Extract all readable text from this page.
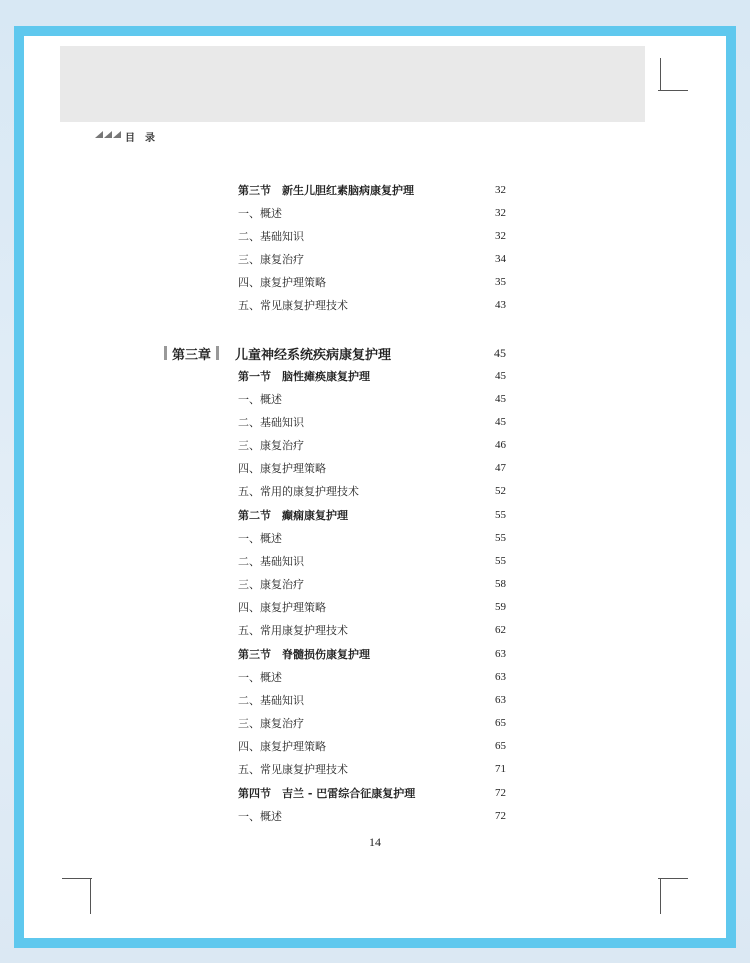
目　录
第三节　新生儿胆红素脑病康复护理	32
一、概述	32
二、基础知识	32
三、康复治疗	34
四、康复护理策略	35
五、常见康复护理技术	43
第三章 儿童神经系统疾病康复护理	45
第一节　脑性瘫痪康复护理	45
一、概述	45
二、基础知识	45
三、康复治疗	46
四、康复护理策略	47
五、常用的康复护理技术	52
第二节　癫痫康复护理	55
一、概述	55
二、基础知识	55
三、康复治疗	58
四、康复护理策略	59
五、常用康复护理技术	62
第三节　脊髓损伤康复护理	63
一、概述	63
二、基础知识	63
三、康复治疗	65
四、康复护理策略	65
五、常见康复护理技术	71
第四节　吉兰 - 巴雷综合征康复护理	72
一、概述	72
14
